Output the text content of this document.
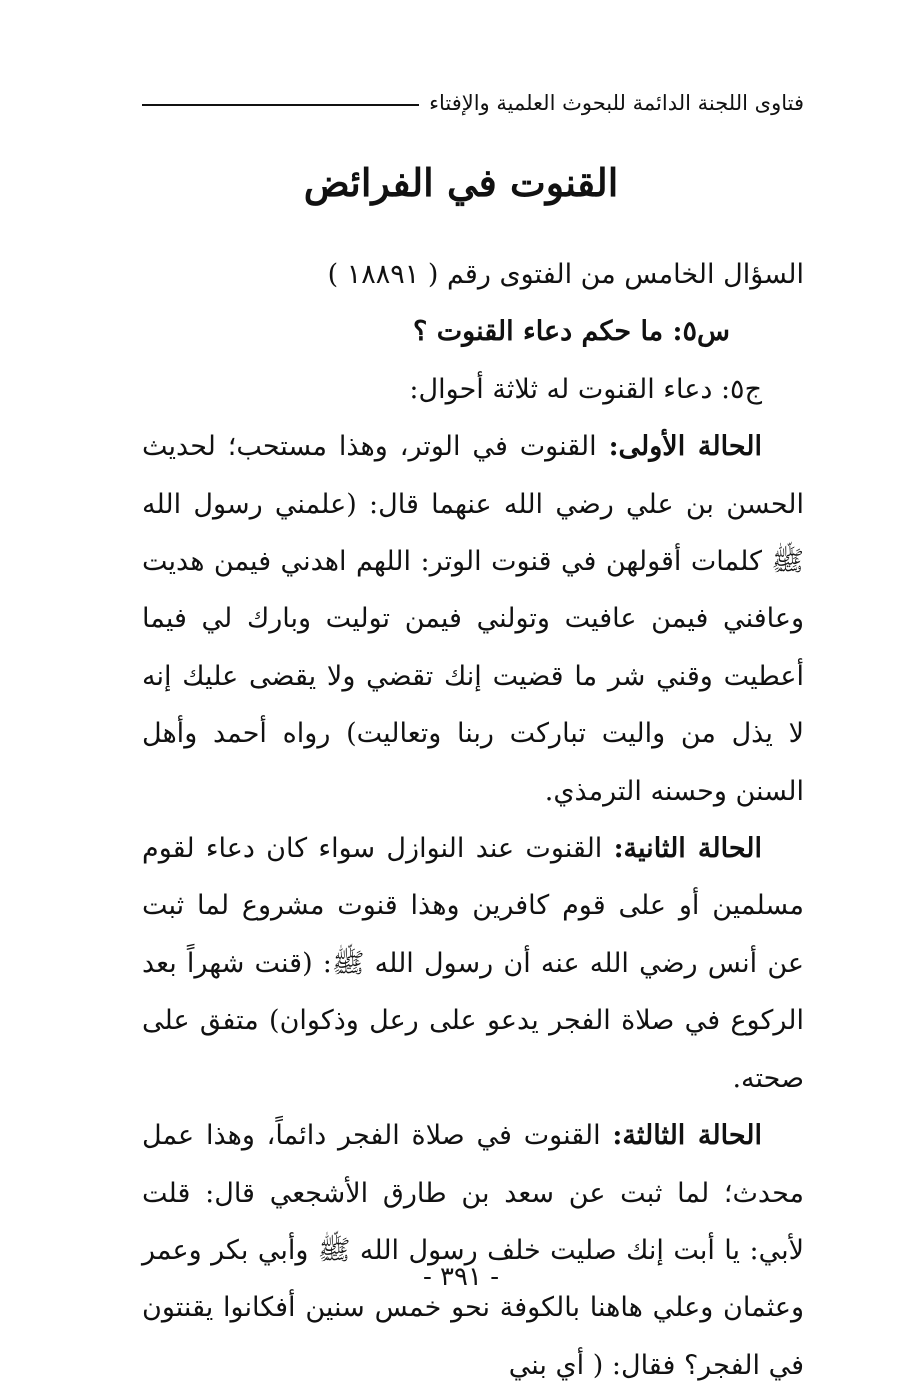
فتاوى اللجنة الدائمة للبحوث العلمية والإفتاء
القنوت في الفرائض

السؤال الخامس من الفتوى رقم ( ١٨٨٩١ )

س٥: ما حكم دعاء القنوت ؟

ج٥: دعاء القنوت له ثلاثة أحوال:

الحالة الأولى: القنوت في الوتر، وهذا مستحب؛ لحديث الحسن بن علي رضي الله عنهما قال: (علمني رسول الله ﷺ كلمات أقولهن في قنوت الوتر: اللهم اهدني فيمن هديت وعافني فيمن عافيت وتولني فيمن توليت وبارك لي فيما أعطيت وقني شر ما قضيت إنك تقضي ولا يقضى عليك إنه لا يذل من واليت تباركت ربنا وتعاليت) رواه أحمد وأهل السنن وحسنه الترمذي.

الحالة الثانية: القنوت عند النوازل سواء كان دعاء لقوم مسلمين أو على قوم كافرين وهذا قنوت مشروع لما ثبت عن أنس رضي الله عنه أن رسول الله ﷺ: (قنت شهراً بعد الركوع في صلاة الفجر يدعو على رعل وذكوان) متفق على صحته.

الحالة الثالثة: القنوت في صلاة الفجر دائماً، وهذا عمل محدث؛ لما ثبت عن سعد بن طارق الأشجعي قال: قلت لأبي: يا أبت إنك صليت خلف رسول الله ﷺ وأبي بكر وعمر وعثمان وعلي هاهنا بالكوفة نحو خمس سنين أفكانوا يقنتون في الفجر؟ فقال: ( أي بني

- ٣٩١ -
